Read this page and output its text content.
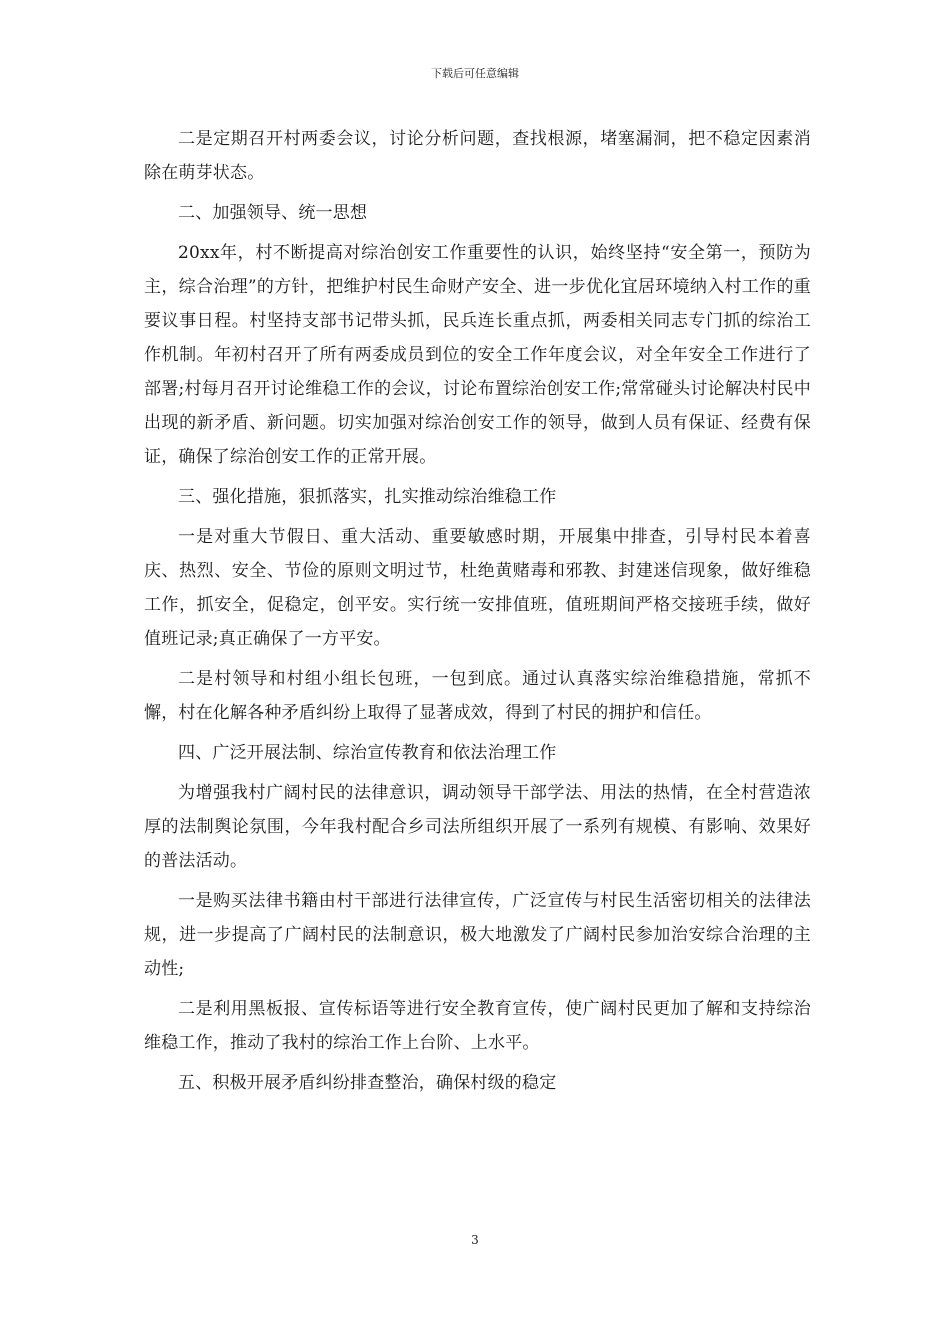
下载后可任意编辑

二是定期召开村两委会议，讨论分析问题，查找根源，堵塞漏洞，把不稳定因素消除在萌芽状态。

二、加强领导、统一思想

20xx年，村不断提高对综治创安工作重要性的认识，始终坚持“安全第一，预防为主，综合治理”的方针，把维护村民生命财产安全、进一步优化宜居环境纳入村工作的重要议事日程。村坚持支部书记带头抓，民兵连长重点抓，两委相关同志专门抓的综治工作机制。年初村召开了所有两委成员到位的安全工作年度会议，对全年安全工作进行了部署;村每月召开讨论维稳工作的会议，讨论布置综治创安工作;常常碰头讨论解决村民中出现的新矛盾、新问题。切实加强对综治创安工作的领导，做到人员有保证、经费有保证，确保了综治创安工作的正常开展。

三、强化措施，狠抓落实，扎实推动综治维稳工作

一是对重大节假日、重大活动、重要敏感时期，开展集中排查，引导村民本着喜庆、热烈、安全、节俭的原则文明过节，杜绝黄赌毒和邪教、封建迷信现象，做好维稳工作，抓安全，促稳定，创平安。实行统一安排值班，值班期间严格交接班手续，做好值班记录;真正确保了一方平安。

二是村领导和村组小组长包班，一包到底。通过认真落实综治维稳措施，常抓不懈，村在化解各种矛盾纠纷上取得了显著成效，得到了村民的拥护和信任。

四、广泛开展法制、综治宣传教育和依法治理工作

为增强我村广阔村民的法律意识，调动领导干部学法、用法的热情，在全村营造浓厚的法制舆论氛围，今年我村配合乡司法所组织开展了一系列有规模、有影响、效果好的普法活动。

一是购买法律书籍由村干部进行法律宣传，广泛宣传与村民生活密切相关的法律法规，进一步提高了广阔村民的法制意识，极大地激发了广阔村民参加治安综合治理的主动性;

二是利用黑板报、宣传标语等进行安全教育宣传，使广阔村民更加了解和支持综治维稳工作，推动了我村的综治工作上台阶、上水平。

五、积极开展矛盾纠纷排查整治，确保村级的稳定

3
